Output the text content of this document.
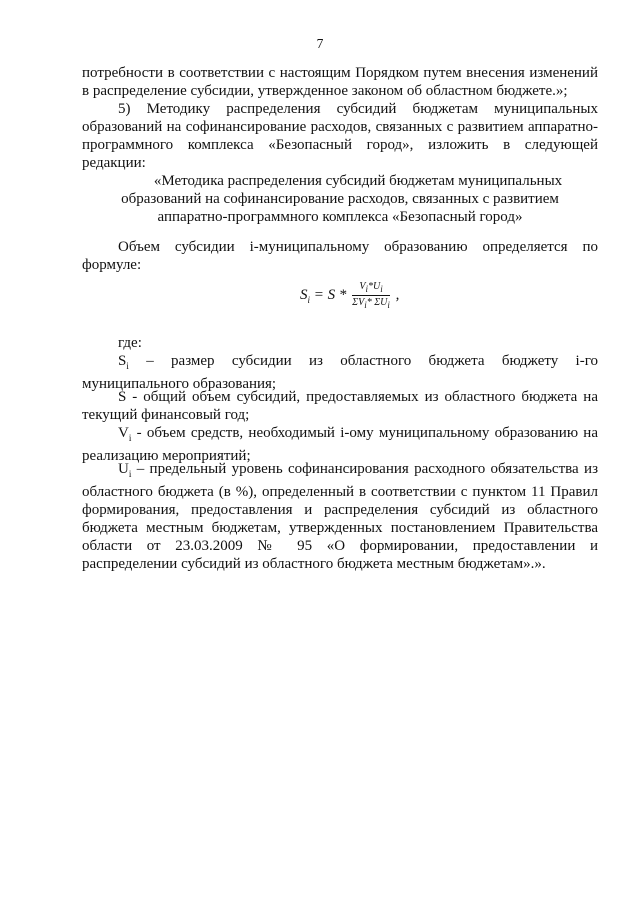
7
потребности в соответствии с настоящим Порядком путем внесения изменений
в распределение субсидии, утвержденное законом об областном бюджете.»;
5) Методику распределения субсидий бюджетам муниципальных
образований на софинансирование расходов, связанных с развитием аппаратно-
программного комплекса «Безопасный город», изложить в следующей
редакции:
«Методика распределения субсидий бюджетам муниципальных
образований на софинансирование расходов, связанных с развитием
аппаратно-программного комплекса «Безопасный город»
Объем субсидии i-муниципальному образованию определяется по
формуле:
$S_i = S * \frac{V_i*U_i}{\Sigma V_i* \Sigma U_i}$ ,
где:
$S_i$ – размер субсидии из областного бюджета бюджету i-го
муниципального образования;
S - общий объем субсидий, предоставляемых из областного бюджета на
текущий финансовый год;
$V_i$ - объем средств, необходимый i-ому муниципальному образованию на
реализацию мероприятий;
$U_i$ – предельный уровень софинансирования расходного обязательства из
областного бюджета (в %), определенный в соответствии с пунктом 11 Правил
формирования, предоставления и распределения субсидий из областного
бюджета местным бюджетам, утвержденных постановлением Правительства
области от 23.03.2009 № 95 «О формировании, предоставлении и
распределении субсидий из областного бюджета местным бюджетам».».
